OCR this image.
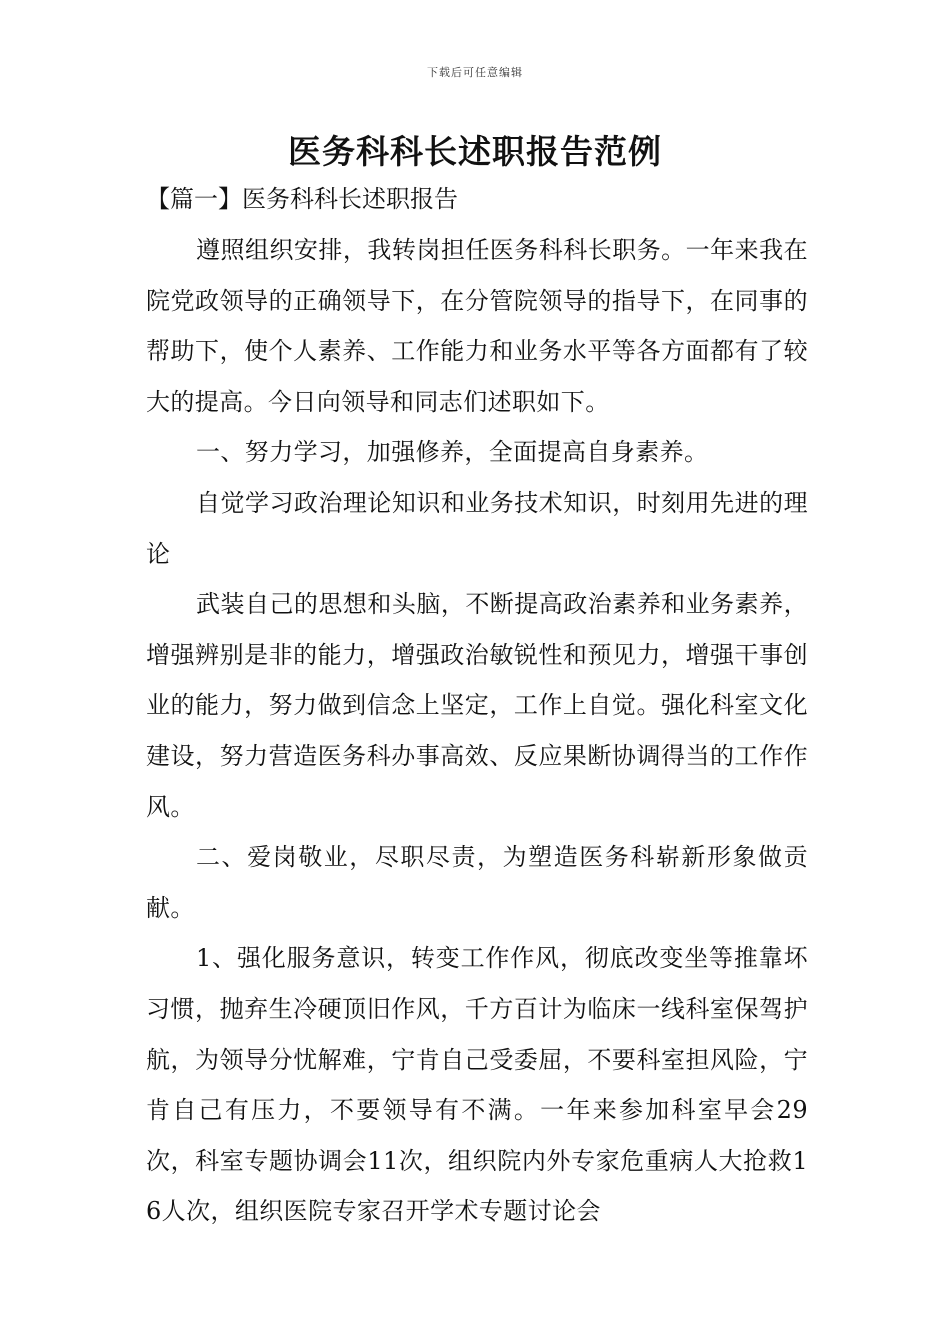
下载后可任意编辑
医务科科长述职报告范例
【篇一】医务科科长述职报告

遵照组织安排，我转岗担任医务科科长职务。一年来我在院党政领导的正确领导下，在分管院领导的指导下，在同事的帮助下，使个人素养、工作能力和业务水平等各方面都有了较大的提高。今日向领导和同志们述职如下。

一、努力学习，加强修养，全面提高自身素养。

自觉学习政治理论知识和业务技术知识，时刻用先进的理论

武装自己的思想和头脑，不断提高政治素养和业务素养，增强辨别是非的能力，增强政治敏锐性和预见力，增强干事创业的能力，努力做到信念上坚定，工作上自觉。强化科室文化建设，努力营造医务科办事高效、反应果断协调得当的工作作风。

二、爱岗敬业，尽职尽责，为塑造医务科崭新形象做贡献。

1、强化服务意识，转变工作作风，彻底改变坐等推靠坏习惯，抛弃生冷硬顶旧作风，千方百计为临床一线科室保驾护航，为领导分忧解难，宁肯自己受委屈，不要科室担风险，宁肯自己有压力，不要领导有不满。一年来参加科室早会29次，科室专题协调会11次，组织院内外专家危重病人大抢救16人次，组织医院专家召开学术专题讨论会
